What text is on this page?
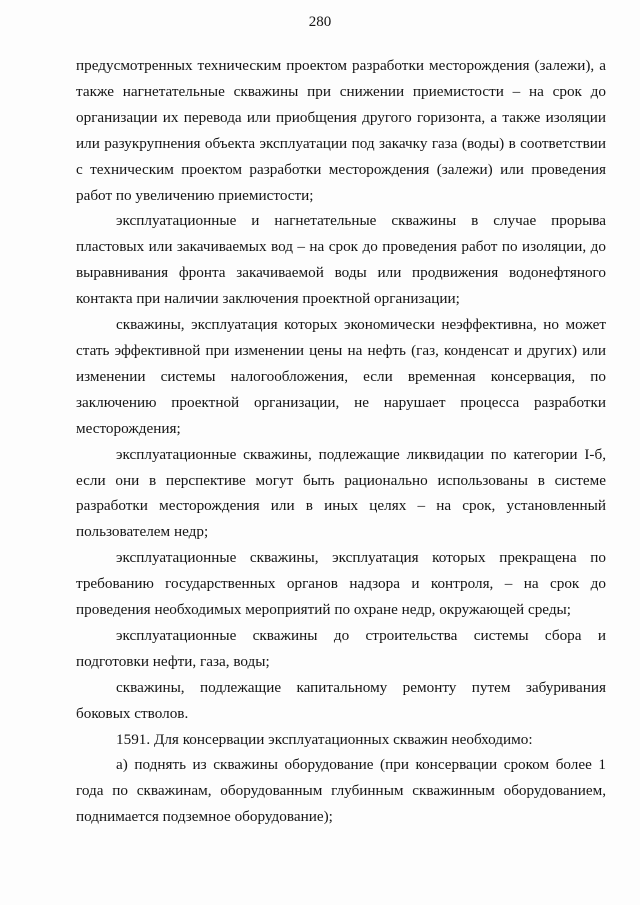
280

предусмотренных техническим проектом разработки месторождения (залежи), а также нагнетательные скважины при снижении приемистости – на срок до организации их перевода или приобщения другого горизонта, а также изоляции или разукрупнения объекта эксплуатации под закачку газа (воды) в соответствии с техническим проектом разработки месторождения (залежи) или проведения работ по увеличению приемистости;

эксплуатационные и нагнетательные скважины в случае прорыва пластовых или закачиваемых вод – на срок до проведения работ по изоляции, до выравнивания фронта закачиваемой воды или продвижения водонефтяного контакта при наличии заключения проектной организации;

скважины, эксплуатация которых экономически неэффективна, но может стать эффективной при изменении цены на нефть (газ, конденсат и других) или изменении системы налогообложения, если временная консервация, по заключению проектной организации, не нарушает процесса разработки месторождения;

эксплуатационные скважины, подлежащие ликвидации по категории I-б, если они в перспективе могут быть рационально использованы в системе разработки месторождения или в иных целях – на срок, установленный пользователем недр;

эксплуатационные скважины, эксплуатация которых прекращена по требованию государственных органов надзора и контроля, – на срок до проведения необходимых мероприятий по охране недр, окружающей среды;

эксплуатационные скважины до строительства системы сбора и подготовки нефти, газа, воды;

скважины, подлежащие капитальному ремонту путем забуривания боковых стволов.

1591. Для консервации эксплуатационных скважин необходимо:

а) поднять из скважины оборудование (при консервации сроком более 1 года по скважинам, оборудованным глубинным скважинным оборудованием, поднимается подземное оборудование);
